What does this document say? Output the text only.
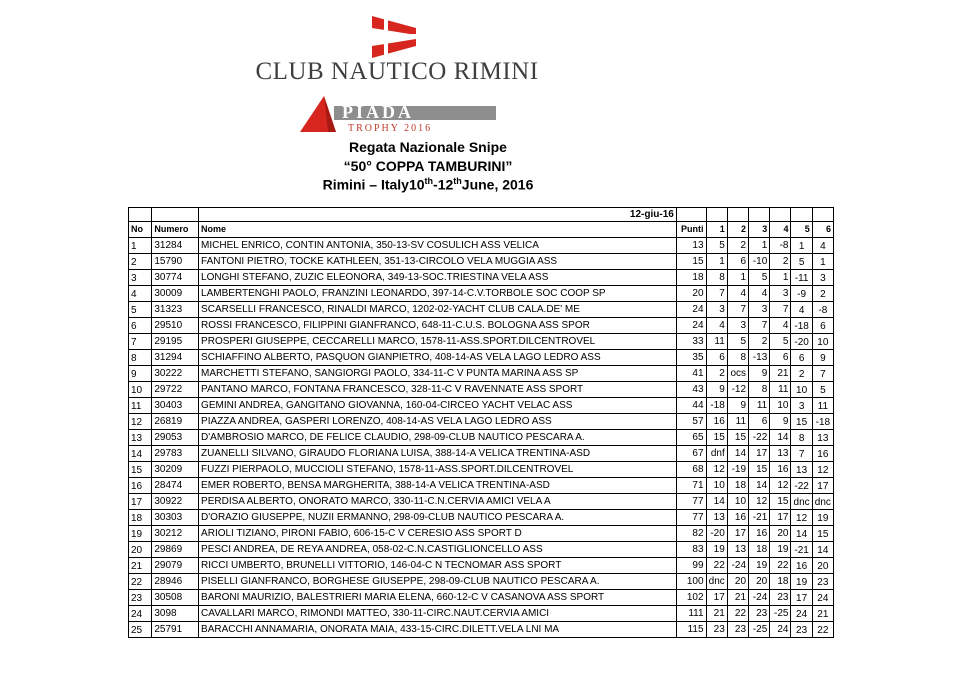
CLUB NAUTICO RIMINI
PIADA
TROPHY 2016
Regata Nazionale Snipe
“50° COPPA TAMBURINI”
Rimini – Italy10th-12thJune, 2016
		12-giu-16							
No	Numero	Nome	Punti	1	2	3	4	5	6
1	31284	MICHEL ENRICO, CONTIN ANTONIA, 350-13-SV COSULICH ASS VELICA	13	5	2	1	-8	1	4
2	15790	FANTONI PIETRO, TOCKE KATHLEEN, 351-13-CIRCOLO VELA MUGGIA ASS	15	1	6	-10	2	5	1
3	30774	LONGHI STEFANO, ZUZIC ELEONORA, 349-13-SOC.TRIESTINA VELA ASS	18	8	1	5	1	-11	3
4	30009	LAMBERTENGHI PAOLO, FRANZINI LEONARDO, 397-14-C.V.TORBOLE SOC COOP SP	20	7	4	4	3	-9	2
5	31323	SCARSELLI FRANCESCO, RINALDI MARCO, 1202-02-YACHT CLUB CALA.DE' ME	24	3	7	3	7	4	-8
6	29510	ROSSI FRANCESCO, FILIPPINI GIANFRANCO, 648-11-C.U.S. BOLOGNA ASS SPOR	24	4	3	7	4	-18	6
7	29195	PROSPERI GIUSEPPE, CECCARELLI MARCO, 1578-11-ASS.SPORT.DILCENTROVEL	33	11	5	2	5	-20	10
8	31294	SCHIAFFINO ALBERTO, PASQUON GIANPIETRO, 408-14-AS VELA LAGO LEDRO ASS	35	6	8	-13	6	6	9
9	30222	MARCHETTI STEFANO, SANGIORGI PAOLO, 334-11-C V PUNTA MARINA ASS SP	41	2	ocs	9	21	2	7
10	29722	PANTANO MARCO, FONTANA FRANCESCO, 328-11-C V RAVENNATE ASS SPORT	43	9	-12	8	11	10	5
11	30403	GEMINI ANDREA, GANGITANO GIOVANNA, 160-04-CIRCEO YACHT VELAC ASS	44	-18	9	11	10	3	11
12	26819	PIAZZA ANDREA, GASPERI LORENZO, 408-14-AS VELA LAGO LEDRO ASS	57	16	11	6	9	15	-18
13	29053	D'AMBROSIO MARCO, DE FELICE CLAUDIO, 298-09-CLUB NAUTICO PESCARA A.	65	15	15	-22	14	8	13
14	29783	ZUANELLI SILVANO, GIRAUDO FLORIANA LUISA, 388-14-A VELICA TRENTINA-ASD	67	dnf	14	17	13	7	16
15	30209	FUZZI PIERPAOLO, MUCCIOLI STEFANO, 1578-11-ASS.SPORT.DILCENTROVEL	68	12	-19	15	16	13	12
16	28474	EMER ROBERTO, BENSA MARGHERITA, 388-14-A VELICA TRENTINA-ASD	71	10	18	14	12	-22	17
17	30922	PERDISA ALBERTO, ONORATO MARCO, 330-11-C.N.CERVIA AMICI VELA A	77	14	10	12	15	dnc	dnc
18	30303	D'ORAZIO GIUSEPPE, NUZII ERMANNO, 298-09-CLUB NAUTICO PESCARA A.	77	13	16	-21	17	12	19
19	30212	ARIOLI TIZIANO, PIRONI FABIO, 606-15-C V CERESIO ASS SPORT D	82	-20	17	16	20	14	15
20	29869	PESCI ANDREA, DE REYA ANDREA, 058-02-C.N.CASTIGLIONCELLO ASS	83	19	13	18	19	-21	14
21	29079	RICCI UMBERTO, BRUNELLI VITTORIO, 146-04-C N TECNOMAR ASS SPORT	99	22	-24	19	22	16	20
22	28946	PISELLI GIANFRANCO, BORGHESE GIUSEPPE, 298-09-CLUB NAUTICO PESCARA A.	100	dnc	20	20	18	19	23
23	30508	BARONI MAURIZIO, BALESTRIERI MARIA ELENA, 660-12-C V CASANOVA ASS SPORT	102	17	21	-24	23	17	24
24	3098	CAVALLARI MARCO, RIMONDI MATTEO, 330-11-CIRC.NAUT.CERVIA AMICI	111	21	22	23	-25	24	21
25	25791	BARACCHI ANNAMARIA, ONORATA MAIA, 433-15-CIRC.DILETT.VELA LNI MA	115	23	23	-25	24	23	22
